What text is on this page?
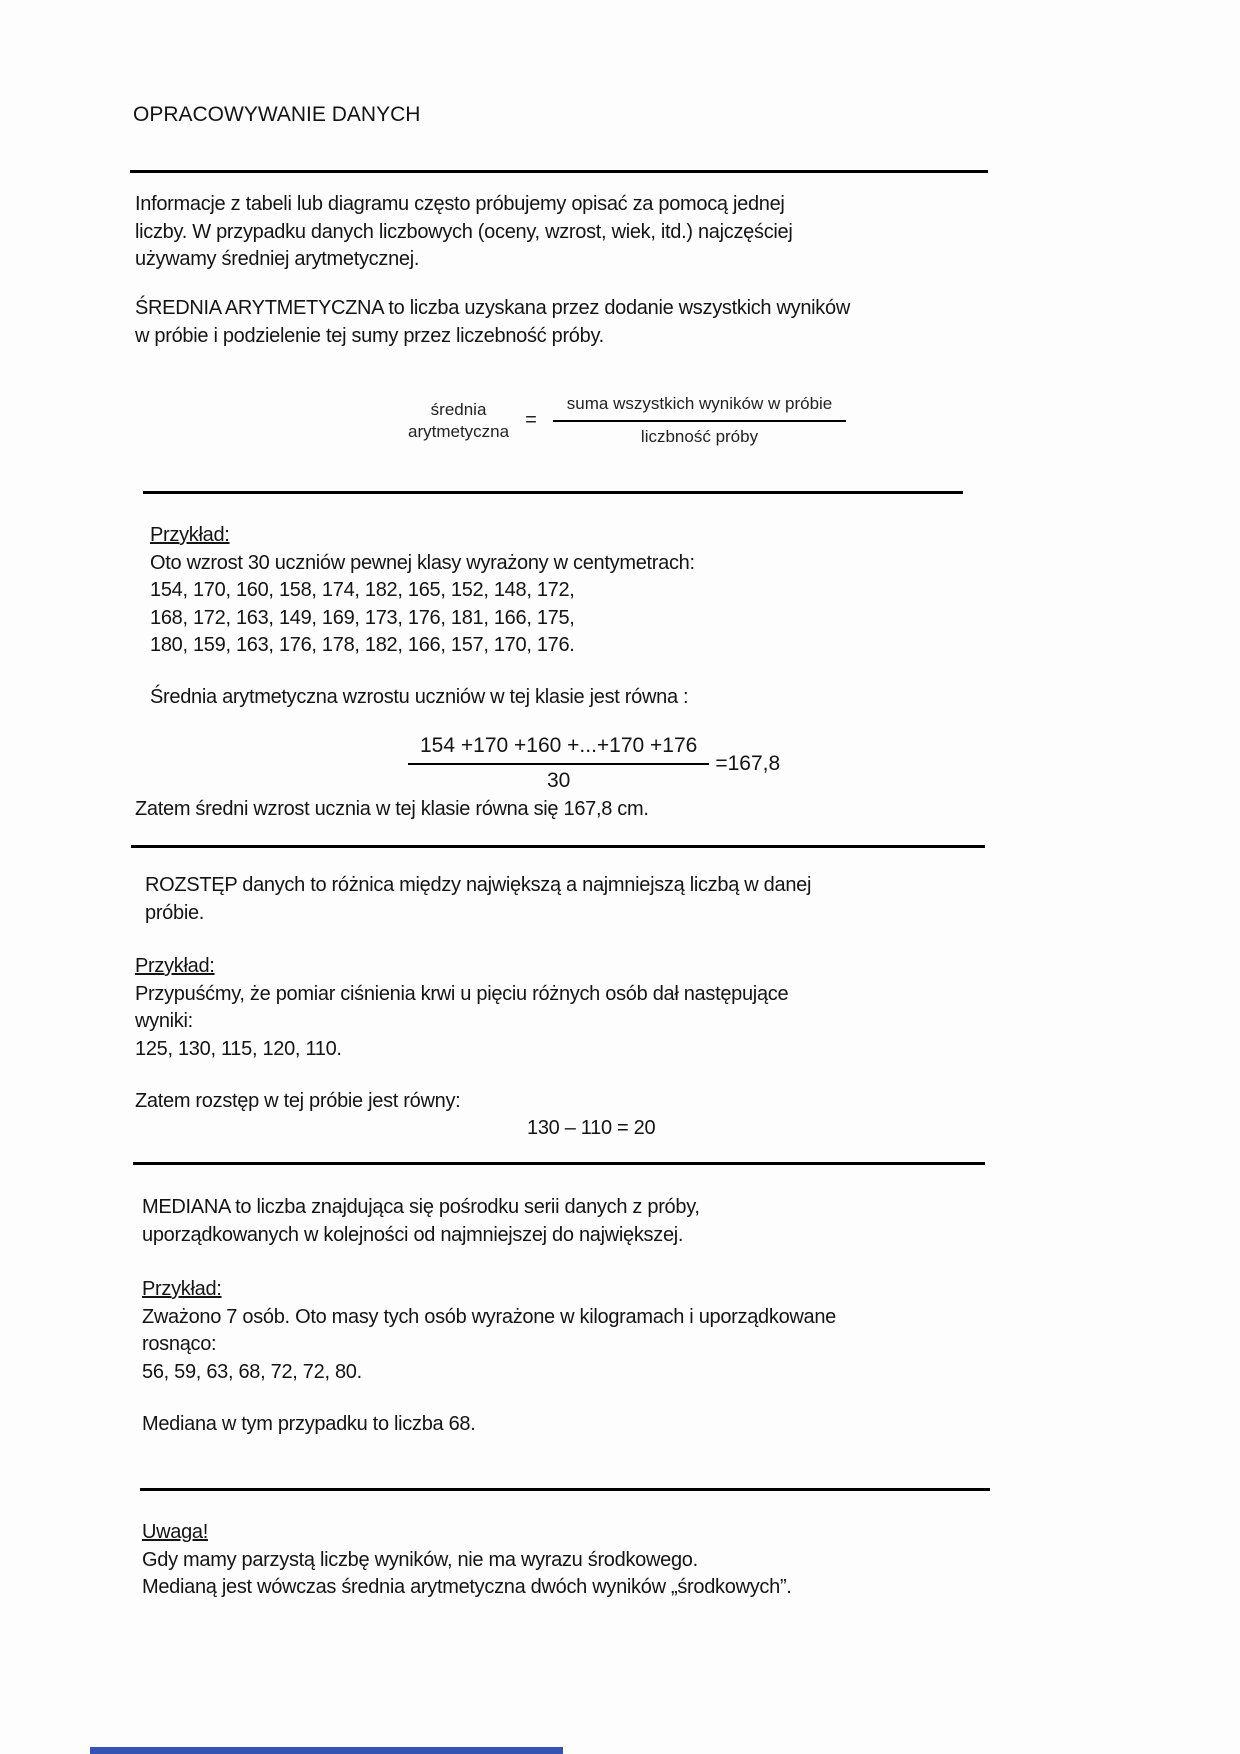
OPRACOWYWANIE DANYCH
Informacje z tabeli lub diagramu często próbujemy opisać za pomocą jednej
liczby. W przypadku danych liczbowych (oceny, wzrost, wiek, itd.) najczęściej
używamy średniej arytmetycznej.
ŚREDNIA ARYTMETYCZNA to liczba uzyskana przez dodanie wszystkich wyników
w próbie i podzielenie tej sumy przez liczebność próby.
średnia
arytmetyczna = $\frac{\text{suma wszystkich wyników w próbie}}{\text{liczbność próby}}$
Przykład:
Oto wzrost 30 uczniów pewnej klasy wyrażony w centymetrach:
154, 170, 160, 158, 174, 182, 165, 152, 148, 172,
168, 172, 163, 149, 169, 173, 176, 181, 166, 175,
180, 159, 163, 176, 178, 182, 166, 157, 170, 176.
Średnia arytmetyczna wzrostu uczniów w tej klasie jest równa :
$\frac{154 +170 +160 +...+170 +176}{30} =167,8$
Zatem średni wzrost ucznia w tej klasie równa się 167,8 cm.
ROZSTĘP danych to różnica między największą a najmniejszą liczbą w danej
próbie.
Przykład:
Przypuśćmy, że pomiar ciśnienia krwi u pięciu różnych osób dał następujące
wyniki:
125, 130, 115, 120, 110.
Zatem rozstęp w tej próbie jest równy:
130 – 110 = 20
MEDIANA to liczba znajdująca się pośrodku serii danych z próby,
uporządkowanych w kolejności od najmniejszej do największej.
Przykład:
Zważono 7 osób. Oto masy tych osób wyrażone w kilogramach i uporządkowane
rosnąco:
56, 59, 63, 68, 72, 72, 80.
Mediana w tym przypadku to liczba 68.
Uwaga!
Gdy mamy parzystą liczbę wyników, nie ma wyrazu środkowego.
Medianą jest wówczas średnia arytmetyczna dwóch wyników „środkowych”.
